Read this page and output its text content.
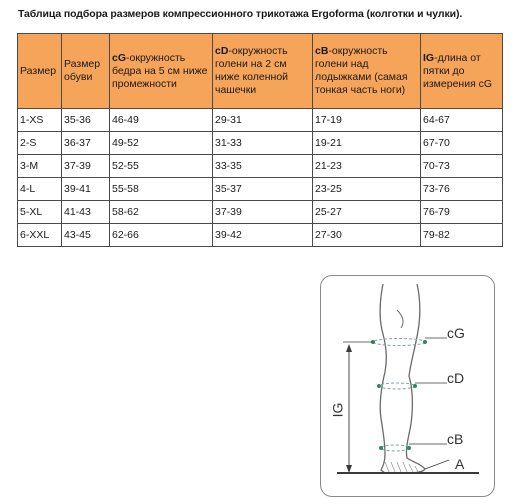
Таблица подбора размеров компрессионного трикотажа Ergoforma (колготки и чулки).
Размер	Размер обуви	cG-окружность бедра на 5 см ниже промежности	cD-окружность голени на 2 см ниже коленной чашечки	cB-окружность голени над лодыжками (самая тонкая часть ноги)	IG-длина от пятки до измерения cG
1-XS	35-36	46-49	29-31	17-19	64-67
2-S	36-37	49-52	31-33	19-21	67-70
3-M	37-39	52-55	33-35	21-23	70-73
4-L	39-41	55-58	35-37	23-25	73-76
5-XL	41-43	58-62	37-39	25-27	76-79
6-XXL	43-45	62-66	39-42	27-30	79-82
cG
cD
cB
A
IG
